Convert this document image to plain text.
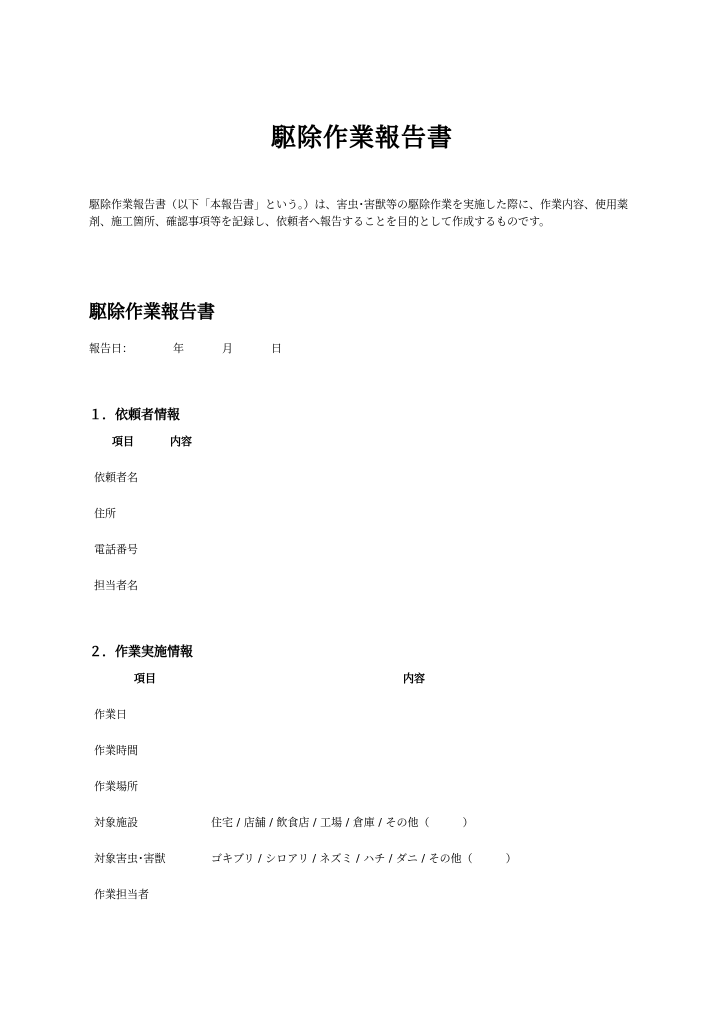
駆除作業報告書
駆除作業報告書（以下「本報告書」という。）は、害虫･害獣等の駆除作業を実施した際に、作業内容、使用薬剤、施工箇所、確認事項等を記録し、依頼者へ報告することを目的として作成するものです。
駆除作業報告書
報告日：	年	月	日
１．依頼者情報
項目	内容
依頼者名
住所
電話番号
担当者名
２．作業実施情報
項目	内容
作業日
作業時間
作業場所
対象施設	住宅 / 店舗 / 飲食店 / 工場 / 倉庫 / その他（　　　）
対象害虫･害獣	ゴキブリ / シロアリ / ネズミ / ハチ / ダニ / その他（　　　）
作業担当者
